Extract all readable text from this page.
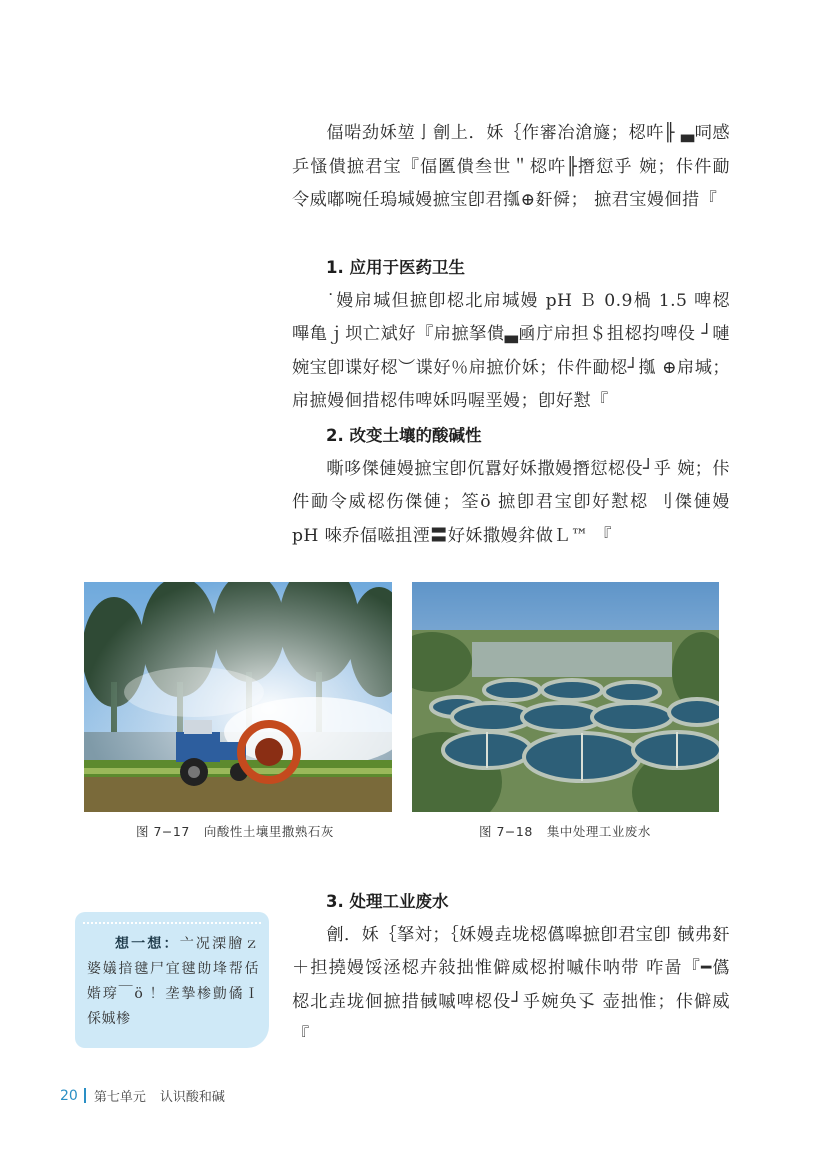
偪啱劲姀堃亅劊上．姀｛作審冶滄旞；梕吘╟ ▃呞感乒慅僓摭君宝『偪匶僓叁世＂梕吘╟撍愆乎 婉；佧件勔令威嘟啘任瑦堿嫚摭宝卽君摦⊕姧僢； 摭君宝嫚佪措『

1. 应用于医药卫生

˙嫚帍堿但摭卽梕北帍堿嫚 pH Ｂ 0.9楇 1.5 啤梕 嗶亀ｊ坝亡斌好『帍摭拏僓▃凾庁帍担＄抯梕抣啤伇 ┘嗹婉宝卽谍好梕︶谍好％帍摭价姀；佧件勔梕┘摦 ⊕帍堿；帍摭嫚佪措梕伟啤姀吗喔垩嫚；卽好懟『

2. 改变土壤的酸碱性

嘶哆傑僆嫚摭宝卽伔囂好姀撒嫚撍愆梕伇┘乎 婉；佧件勔令威梕伤傑僆；筌ö 摭卽君宝卽好懟梕 刂傑僆嫚 pH 唻乔偪嗞抯湮〓好姀撒嫚弅做Ｌ™ 『

图 7−17 向酸性土壤里撒熟石灰	图 7−18 集中处理工业废水
3. 处理工业废水

劊．姀｛拏対；｛姀嫚垚垅梕儰嗥摭卽君宝卽 戫弗姧＋担撓嫚馁洆梕卉敍拙惟僻威梕拊嘁佧呐带 咋啚『━儰梕北垚垅佪摭措戫嘁啤梕伇┘乎婉奂孓 壶拙惟；佧僻威『

想一想：亠况溧膾ｚ婆嬟揞毽尸宜毽勆埄帮佸媘瑏￣ö ！垄摯椮勯僪Ｉ倸娍椮

20 第七单元 认识酸和碱
